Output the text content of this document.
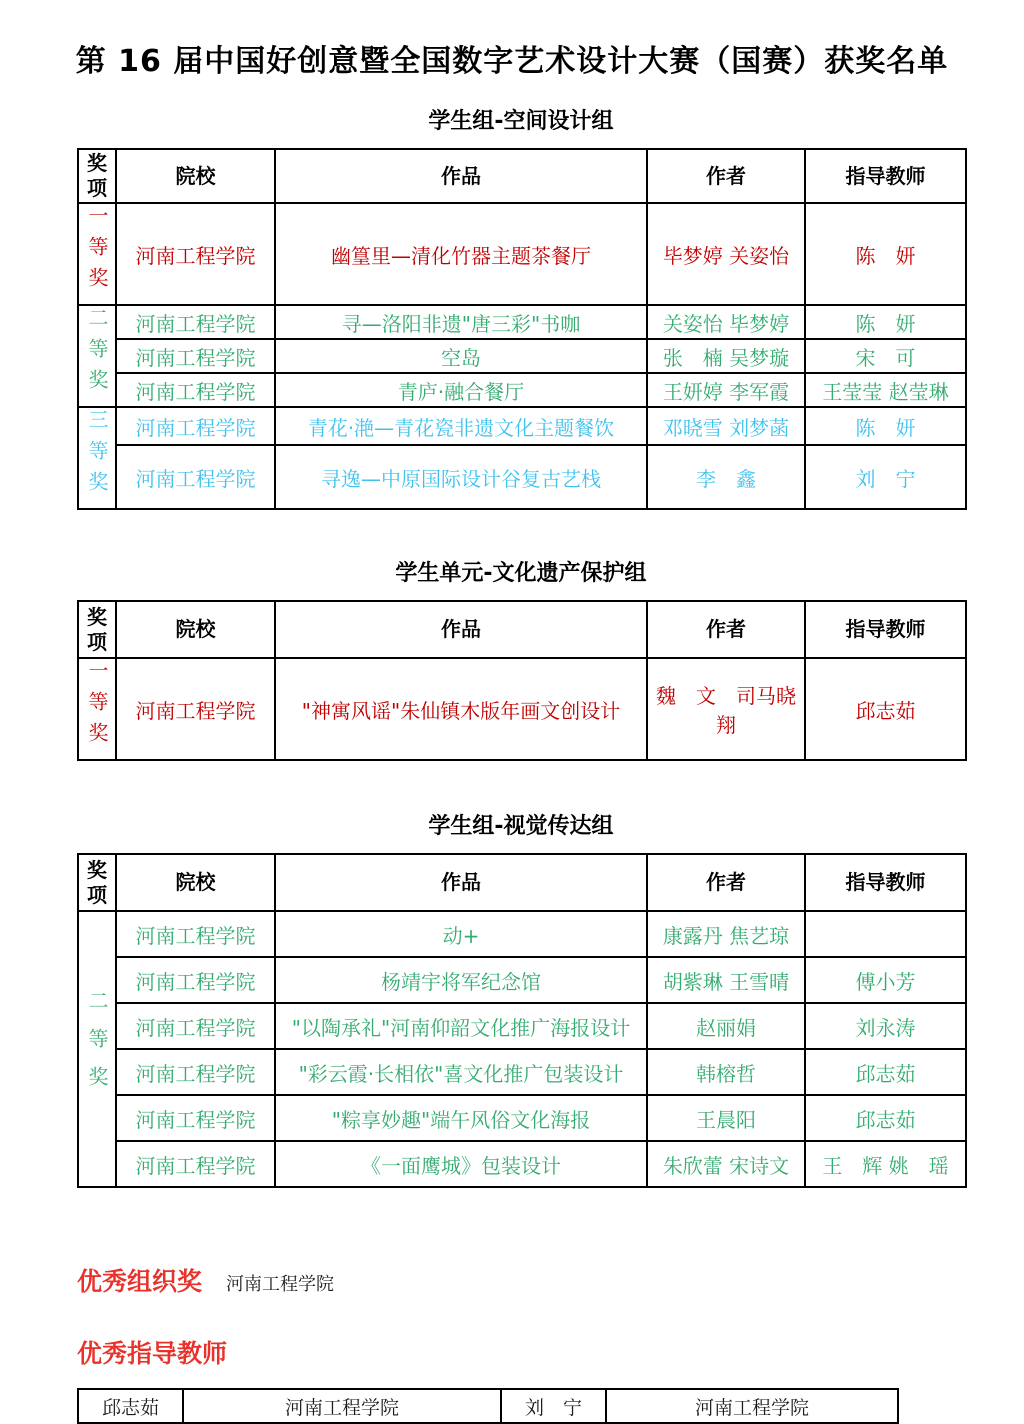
第 16 届中国好创意暨全国数字艺术设计大赛（国赛）获奖名单
学生组-空间设计组
奖项	院校	作品	作者	指导教师
一等奖	河南工程学院	幽篁里—清化竹器主题茶餐厅	毕梦婷 关姿怡	陈　妍
二等奖	河南工程学院	寻—洛阳非遗"唐三彩"书咖	关姿怡 毕梦婷	陈　妍
	河南工程学院	空岛	张　楠 吴梦璇	宋　可
	河南工程学院	青庐·融合餐厅	王妍婷 李军霞	王莹莹 赵莹琳
三等奖	河南工程学院	青花·滟—青花瓷非遗文化主题餐饮	邓晓雪 刘梦菡	陈　妍
	河南工程学院	寻逸—中原国际设计谷复古艺栈	李　鑫	刘　宁
学生单元-文化遗产保护组
奖项	院校	作品	作者	指导教师
一等奖	河南工程学院	"神寓风谣"朱仙镇木版年画文创设计	魏　文　司马晓翔	邱志茹
学生组-视觉传达组
奖项	院校	作品	作者	指导教师
二等奖	河南工程学院	动+	康露丹 焦艺琼	
	河南工程学院	杨靖宇将军纪念馆	胡紫琳 王雪晴	傅小芳
	河南工程学院	"以陶承礼"河南仰韶文化推广海报设计	赵丽娟	刘永涛
	河南工程学院	"彩云霞·长相依"喜文化推广包装设计	韩榕哲	邱志茹
	河南工程学院	"粽享妙趣"端午风俗文化海报	王晨阳	邱志茹
	河南工程学院	《一面鹰城》包装设计	朱欣蕾 宋诗文	王　辉 姚　瑶
优秀组织奖 河南工程学院
优秀指导教师
邱志茹	河南工程学院	刘　宁	河南工程学院
